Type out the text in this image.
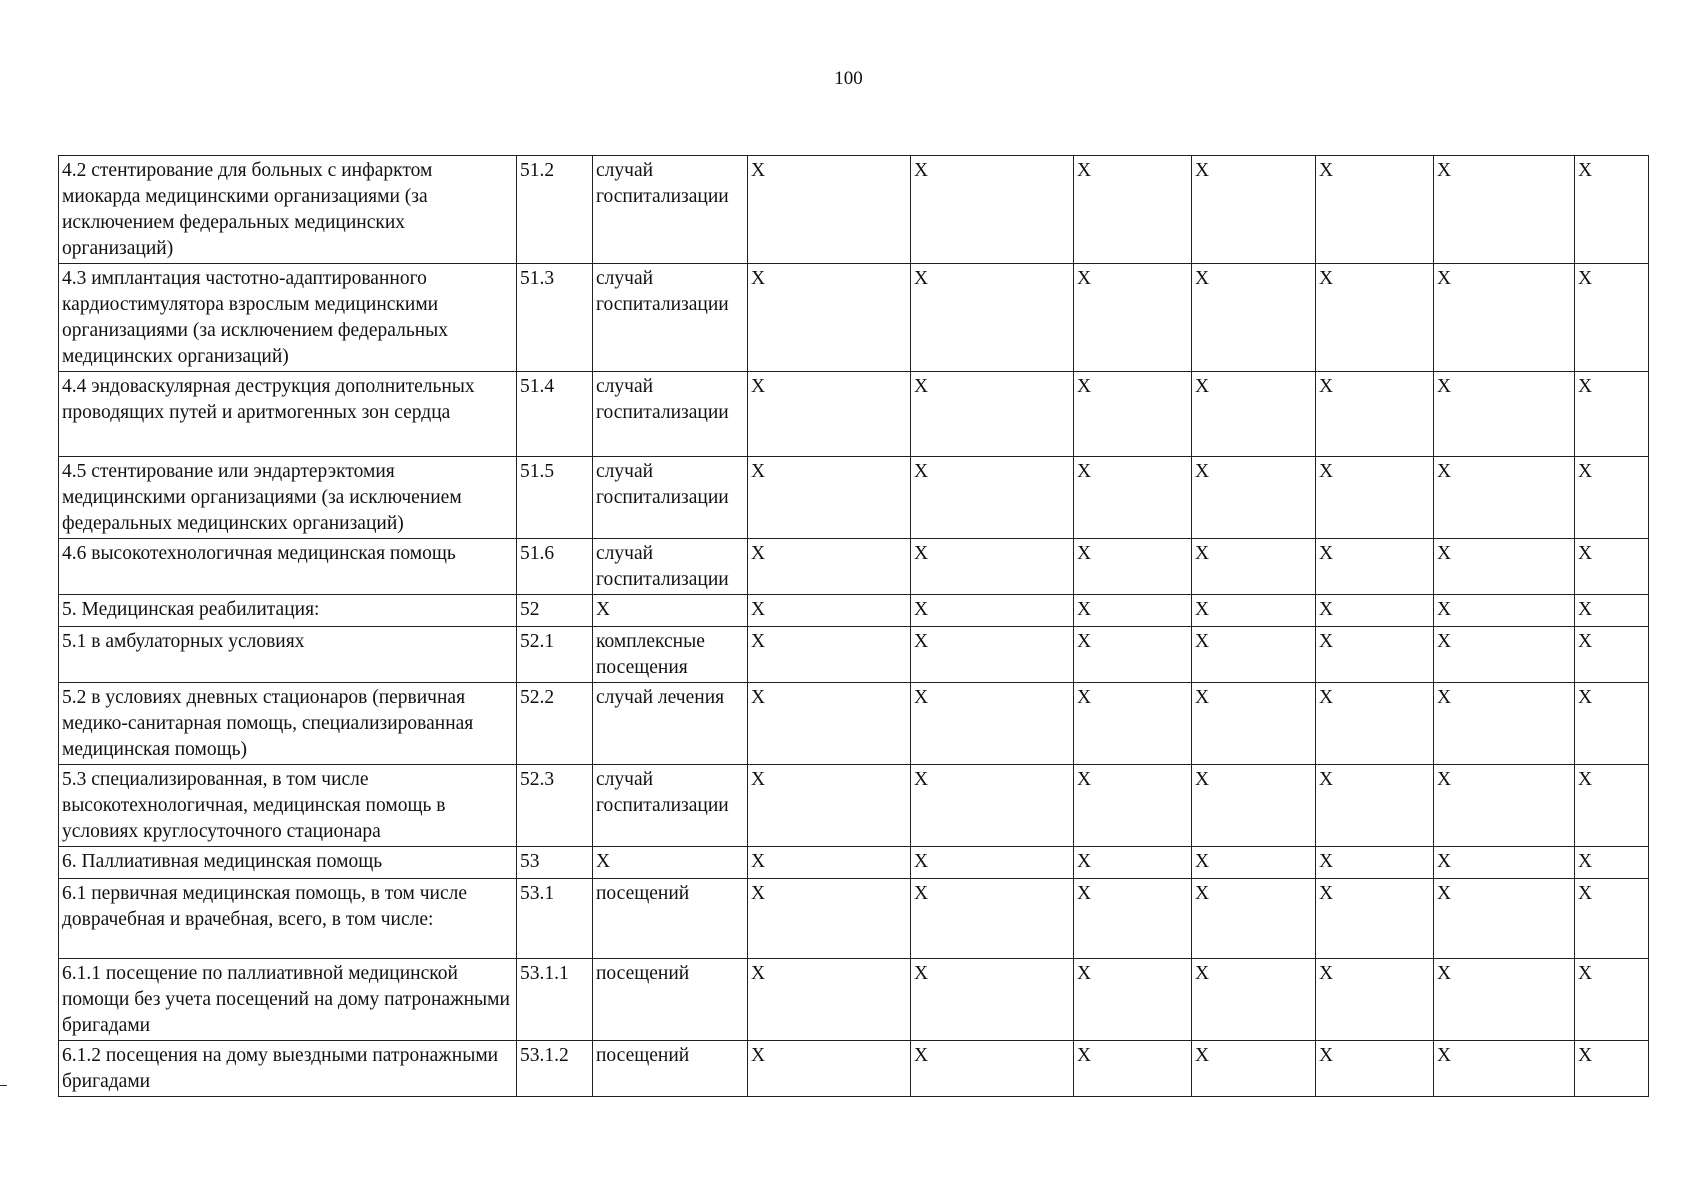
100
4.2 стентирование для больных с инфарктом миокарда медицинскими организациями (за исключением федеральных медицинских организаций)	51.2	случай госпитализации	X	X	X	X	X	X	X
4.3 имплантация частотно-адаптированного кардиостимулятора взрослым медицинскими организациями (за исключением федеральных медицинских организаций)	51.3	случай госпитализации	X	X	X	X	X	X	X
4.4 эндоваскулярная деструкция дополнительных проводящих путей и аритмогенных зон сердца	51.4	случай госпитализации	X	X	X	X	X	X	X
4.5 стентирование или эндартерэктомия медицинскими организациями (за исключением федеральных медицинских организаций)	51.5	случай госпитализации	X	X	X	X	X	X	X
4.6 высокотехнологичная медицинская помощь	51.6	случай госпитализации	X	X	X	X	X	X	X
5. Медицинская реабилитация:	52	X	X	X	X	X	X	X	X
5.1 в амбулаторных условиях	52.1	комплексные посещения	X	X	X	X	X	X	X
5.2 в условиях дневных стационаров (первичная медико-санитарная помощь, специализированная медицинская помощь)	52.2	случай лечения	X	X	X	X	X	X	X
5.3 специализированная, в том числе высокотехнологичная, медицинская помощь в условиях круглосуточного стационара	52.3	случай госпитализации	X	X	X	X	X	X	X
6. Паллиативная медицинская помощь	53	X	X	X	X	X	X	X	X
6.1 первичная медицинская помощь, в том числе доврачебная и врачебная, всего, в том числе:	53.1	посещений	X	X	X	X	X	X	X
6.1.1 посещение по паллиативной медицинской помощи без учета посещений на дому патронажными бригадами	53.1.1	посещений	X	X	X	X	X	X	X
6.1.2 посещения на дому выездными патронажными бригадами	53.1.2	посещений	X	X	X	X	X	X	X
